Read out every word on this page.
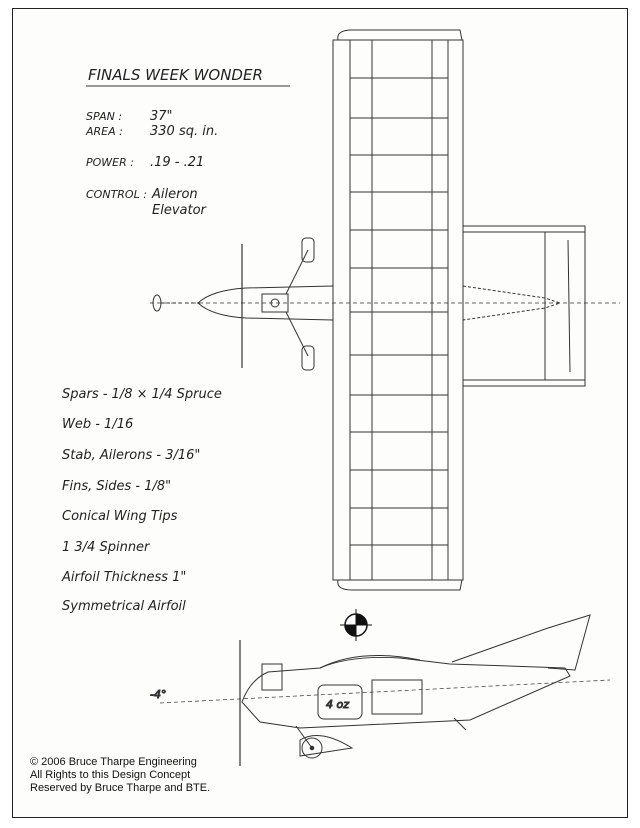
FINALS WEEK WONDER
SPAN : 37"
AREA : 330 sq. in.
POWER : .19 - .21
CONTROL : Aileron
Elevator
Spars - 1/8 × 1/4 Spruce
Web - 1/16
Stab, Ailerons - 3/16"
Fins, Sides - 1/8"
Conical Wing Tips
1 3/4 Spinner
Airfoil Thickness 1"
Symmetrical Airfoil
-4°
4 oz
© 2006 Bruce Tharpe Engineering
All Rights to this Design Concept
Reserved by Bruce Tharpe and BTE.
